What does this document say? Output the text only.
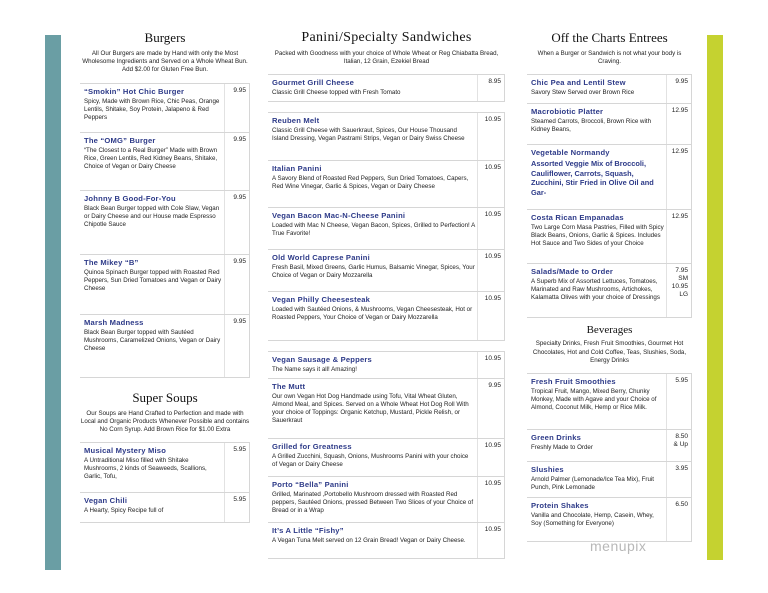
Burgers
All Our Burgers are made by Hand with only the Most Wholesome Ingredients and Served on a Whole Wheat Bun. Add $2.00 for Gluten Free Bun.
“Smokin” Hot Chic Burger
Spicy, Made with Brown Rice, Chic Peas, Orange Lentils, Shitake, Soy Protein, Jalapeno & Red Peppers
9.95
The “OMG” Burger
“The Closest to a Real Burger” Made with Brown Rice, Green Lentils, Red Kidney Beans, Shitake, Choice of Vegan or Dairy Cheese
9.95
Johnny B Good-For-You
Black Bean Burger topped with Cole Slaw, Vegan or Dairy Cheese and our House made Espresso Chipotle Sauce
9.95
The Mikey “B”
Quinoa Spinach Burger topped with Roasted Red Peppers, Sun Dried Tomatoes and Vegan or Dairy Cheese
9.95
Marsh Madness
Black Bean Burger topped with Sautéed Mushrooms, Caramelized Onions, Vegan or Dairy Cheese
9.95
Super Soups
Our Soups are Hand Crafted to Perfection and made with Local and Organic Products Whenever Possible and contains No Corn Syrup. Add Brown Rice for $1.00 Extra
Musical Mystery Miso
A Untraditional Miso filled with Shitake Mushrooms, 2 kinds of Seaweeds, Scallions, Garlic, Tofu,
5.95
Vegan Chili
A Hearty, Spicy Recipe full of
5.95
Panini/Specialty Sandwiches
Packed with Goodness with your choice of Whole Wheat or Reg Chiabatta Bread, Italian, 12 Grain, Ezekiel Bread
Gourmet Grill Cheese
Classic Grill Cheese topped with Fresh Tomato
8.95
Reuben Melt
Classic Grill Cheese with Sauerkraut, Spices, Our House Thousand Island Dressing, Vegan Pastrami Strips, Vegan or Dairy Swiss Cheese
10.95
Italian Panini
A Savory Blend of Roasted Red Peppers, Sun Dried Tomatoes, Capers, Red Wine Vinegar, Garlic & Spices, Vegan or Dairy Cheese
10.95
Vegan Bacon Mac-N-Cheese Panini
Loaded with Mac N Cheese, Vegan Bacon, Spices, Grilled to Perfection! A True Favorite!
10.95
Old World Caprese Panini
Fresh Basil, Mixed Greens, Garlic Humus, Balsamic Vinegar, Spices, Your Choice of Vegan or Dairy Mozzarella
10.95
Vegan Philly Cheesesteak
Loaded with Sautéed Onions, & Mushrooms, Vegan Cheesesteak, Hot or Roasted Peppers, Your Choice of Vegan or Dairy Mozzarella
10.95
Vegan Sausage & Peppers
The Name says it all! Amazing!
10.95
The Mutt
Our own Vegan Hot Dog Handmade using Tofu, Vital Wheat Gluten, Almond Meal, and Spices. Served on a Whole Wheat Hot Dog Roll With your choice of Toppings: Organic Ketchup, Mustard, Pickle Relish, or Sauerkraut
9.95
Grilled for Greatness
A Grilled Zucchini, Squash, Onions, Mushrooms Panini with your choice of Vegan or Dairy Cheese
10.95
Porto “Bella” Panini
Grilled, Marinated ,Portobello Mushroom dressed with Roasted Red peppers, Sautéed Onions, pressed Between Two Slices of your Choice of Bread or in a Wrap
10.95
It’s A Little “Fishy”
A Vegan Tuna Melt served on 12 Grain Bread! Vegan or Dairy Cheese.
10.95
Off the Charts Entrees
When a Burger or Sandwich is not what your body is Craving.
Chic Pea and Lentil Stew
Savory Stew Served over Brown Rice
9.95
Macrobiotic Platter
Steamed Carrots, Broccoli, Brown Rice with Kidney Beans,
12.95
Vegetable Normandy
Assorted Veggie Mix of Broccoli, Cauliflower, Carrots, Squash, Zucchini, Stir Fried in Olive Oil and Gar-
12.95
Costa Rican Empanadas
Two Large Corn Masa Pastries, Filled with Spicy Black Beans, Onions, Garlic & Spices. Includes Hot Sauce and Two Sides of your Choice
12.95
Salads/Made to Order
A Superb Mix of Assorted Lettuces, Tomatoes, Marinated and Raw Mushrooms, Artichokes, Kalamatta Olives with your choice of Dressings
7.95
SM
10.95
LG
Beverages
Specialty Drinks, Fresh Fruit Smoothies, Gourmet Hot Chocolates, Hot and Cold Coffee, Teas, Slushies, Soda, Energy Drinks
Fresh Fruit Smoothies
Tropical Fruit, Mango, Mixed Berry, Chunky Monkey, Made with Agave and your Choice of Almond, Coconut Milk, Hemp or Rice Milk.
5.95
Green Drinks
Freshly Made to Order
8.50
& Up
Slushies
Arnold Palmer (Lemonade/Ice Tea Mix), Fruit Punch, Pink Lemonade
3.95
Protein Shakes
Vanilla and Chocolate, Hemp, Casein, Whey, Soy (Something for Everyone)
6.50
menupix
